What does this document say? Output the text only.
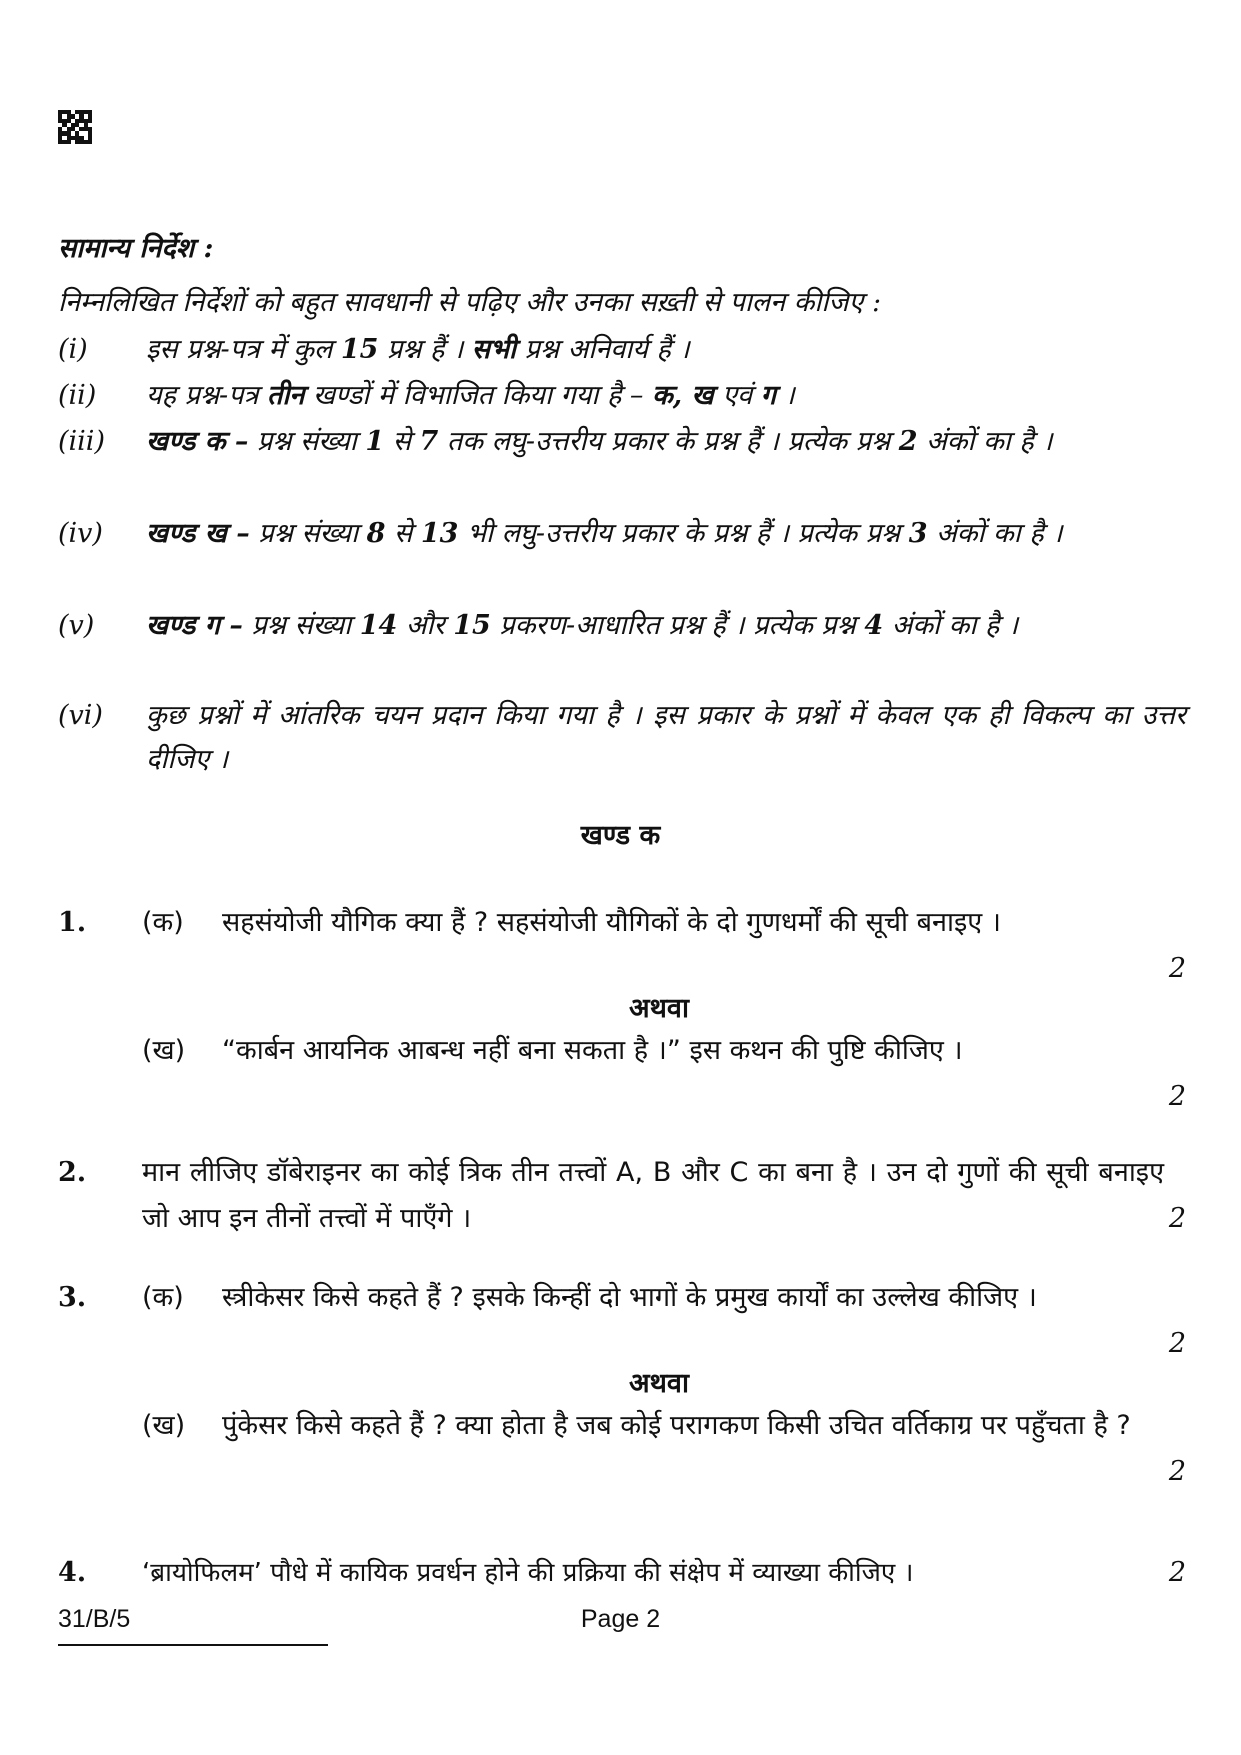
सामान्य निर्देश :
निम्नलिखित निर्देशों को बहुत सावधानी से पढ़िए और उनका सख़्ती से पालन कीजिए :
(i)	इस प्रश्न-पत्र में कुल 15 प्रश्न हैं । सभी प्रश्न अनिवार्य हैं ।
(ii)	यह प्रश्न-पत्र तीन खण्डों में विभाजित किया गया है – क, ख एवं ग ।
(iii)	खण्ड क – प्रश्न संख्या 1 से 7 तक लघु-उत्तरीय प्रकार के प्रश्न हैं । प्रत्येक प्रश्न 2 अंकों का है ।
(iv)	खण्ड ख – प्रश्न संख्या 8 से 13 भी लघु-उत्तरीय प्रकार के प्रश्न हैं । प्रत्येक प्रश्न 3 अंकों का है ।
(v)	खण्ड ग – प्रश्न संख्या 14 और 15 प्रकरण-आधारित प्रश्न हैं । प्रत्येक प्रश्न 4 अंकों का है ।
(vi)	कुछ प्रश्नों में आंतरिक चयन प्रदान किया गया है । इस प्रकार के प्रश्नों में केवल एक ही विकल्प का उत्तर दीजिए ।
खण्ड क
1. (क)	सहसंयोजी यौगिक क्या हैं ? सहसंयोजी यौगिकों के दो गुणधर्मों की सूची बनाइए ।
2
अथवा
(ख)	“कार्बन आयनिक आबन्ध नहीं बना सकता है ।” इस कथन की पुष्टि कीजिए ।
2
2. मान लीजिए डॉबेराइनर का कोई त्रिक तीन तत्त्वों A, B और C का बना है । उन दो गुणों की सूची बनाइए जो आप इन तीनों तत्त्वों में पाएँगे ।	2
3. (क)	स्त्रीकेसर किसे कहते हैं ? इसके किन्हीं दो भागों के प्रमुख कार्यों का उल्लेख कीजिए ।
2
अथवा
(ख)	पुंकेसर किसे कहते हैं ? क्या होता है जब कोई परागकण किसी उचित वर्तिकाग्र पर पहुँचता है ?
2
4. ‘ब्रायोफिलम’ पौधे में कायिक प्रवर्धन होने की प्रक्रिया की संक्षेप में व्याख्या कीजिए ।	2
31/B/5	Page 2
